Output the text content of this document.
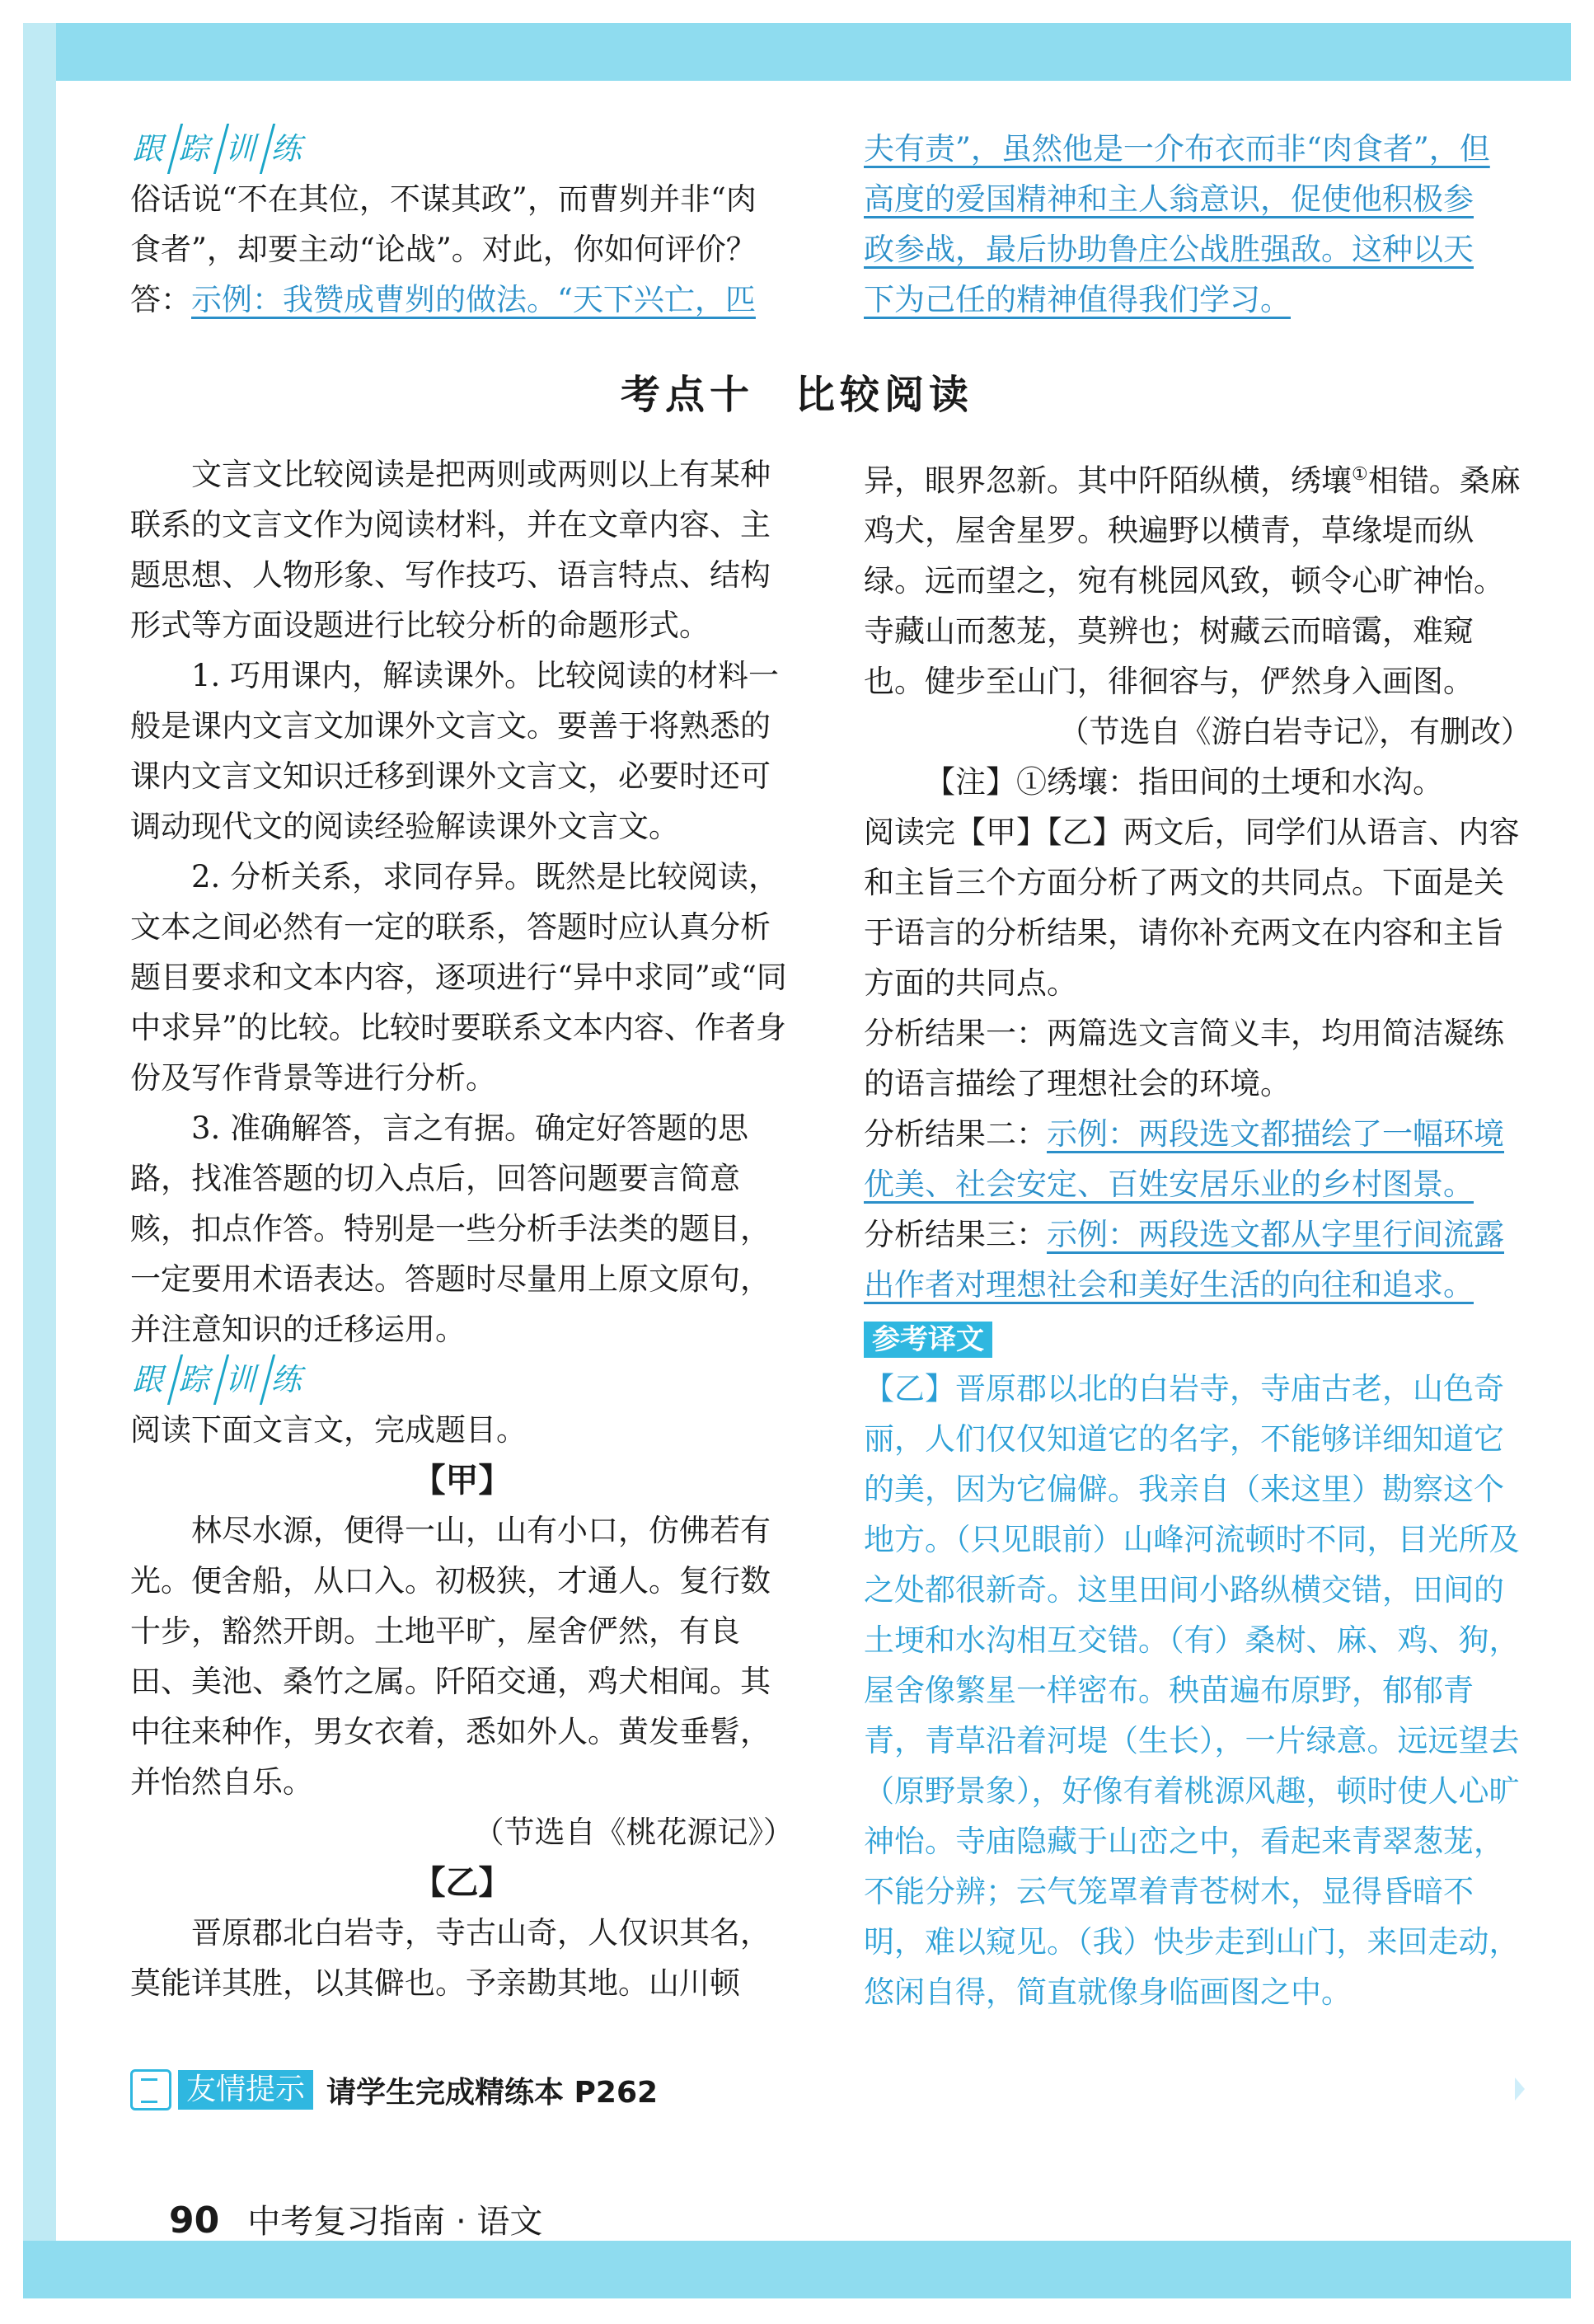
跟踪训练

俗话说“不在其位，不谋其政”，而曹刿并非“肉

食者”，却要主动“论战”。对此，你如何评价？

答：示例：我赞成曹刿的做法。“天下兴亡，匹

夫有责”，虽然他是一介布衣而非“肉食者”，但

高度的爱国精神和主人翁意识，促使他积极参

政参战，最后协助鲁庄公战胜强敌。这种以天

下为己任的精神值得我们学习。

考点十 比较阅读

文言文比较阅读是把两则或两则以上有某种联系的文言文作为阅读材料，并在文章内容、主题思想、人物形象、写作技巧、语言特点、结构形式等方面设题进行比较分析的命题形式。

1. 巧用课内，解读课外。比较阅读的材料一般是课内文言文加课外文言文。要善于将熟悉的课内文言文知识迁移到课外文言文，必要时还可调动现代文的阅读经验解读课外文言文。

2. 分析关系，求同存异。既然是比较阅读，文本之间必然有一定的联系，答题时应认真分析题目要求和文本内容，逐项进行“异中求同”或“同中求异”的比较。比较时要联系文本内容、作者身份及写作背景等进行分析。

3. 准确解答，言之有据。确定好答题的思路，找准答题的切入点后，回答问题要言简意赅，扣点作答。特别是一些分析手法类的题目，一定要用术语表达。答题时尽量用上原文原句，并注意知识的迁移运用。

跟踪训练

阅读下面文言文，完成题目。

【甲】

林尽水源，便得一山，山有小口，仿佛若有光。便舍船，从口入。初极狭，才通人。复行数十步，豁然开朗。土地平旷，屋舍俨然，有良田、美池、桑竹之属。阡陌交通，鸡犬相闻。其中往来种作，男女衣着，悉如外人。黄发垂髫，并怡然自乐。

（节选自《桃花源记》）

【乙】

晋原郡北白岩寺，寺古山奇，人仅识其名，莫能详其胜，以其僻也。予亲勘其地。山川顿

异，眼界忽新。其中阡陌纵横，绣壤①相错。桑麻鸡犬，屋舍星罗。秧遍野以横青，草缘堤而纵绿。远而望之，宛有桃园风致，顿令心旷神怡。寺藏山而葱茏，莫辨也；树藏云而暗霭，难窥也。健步至山门，徘徊容与，俨然身入画图。

（节选自《游白岩寺记》，有删改）

【注】①绣壤：指田间的土埂和水沟。

阅读完【甲】【乙】两文后，同学们从语言、内容和主旨三个方面分析了两文的共同点。下面是关于语言的分析结果，请你补充两文在内容和主旨方面的共同点。

分析结果一：两篇选文言简义丰，均用简洁凝练的语言描绘了理想社会的环境。

分析结果二：示例：两段选文都描绘了一幅环境优美、社会安定、百姓安居乐业的乡村图景。

分析结果三：示例：两段选文都从字里行间流露出作者对理想社会和美好生活的向往和追求。

参考译文

【乙】晋原郡以北的白岩寺，寺庙古老，山色奇丽，人们仅仅知道它的名字，不能够详细知道它的美，因为它偏僻。我亲自（来这里）勘察这个地方。（只见眼前）山峰河流顿时不同，目光所及之处都很新奇。这里田间小路纵横交错，田间的土埂和水沟相互交错。（有）桑树、麻、鸡、狗，屋舍像繁星一样密布。秧苗遍布原野，郁郁青青，青草沿着河堤（生长），一片绿意。远远望去（原野景象），好像有着桃源风趣，顿时使人心旷神怡。寺庙隐藏于山峦之中，看起来青翠葱茏，不能分辨；云气笼罩着青苍树木，显得昏暗不明，难以窥见。（我）快步走到山门，来回走动，悠闲自得，简直就像身临画图之中。

友情提示 请学生完成精练本 P262
90 中考复习指南 · 语文
